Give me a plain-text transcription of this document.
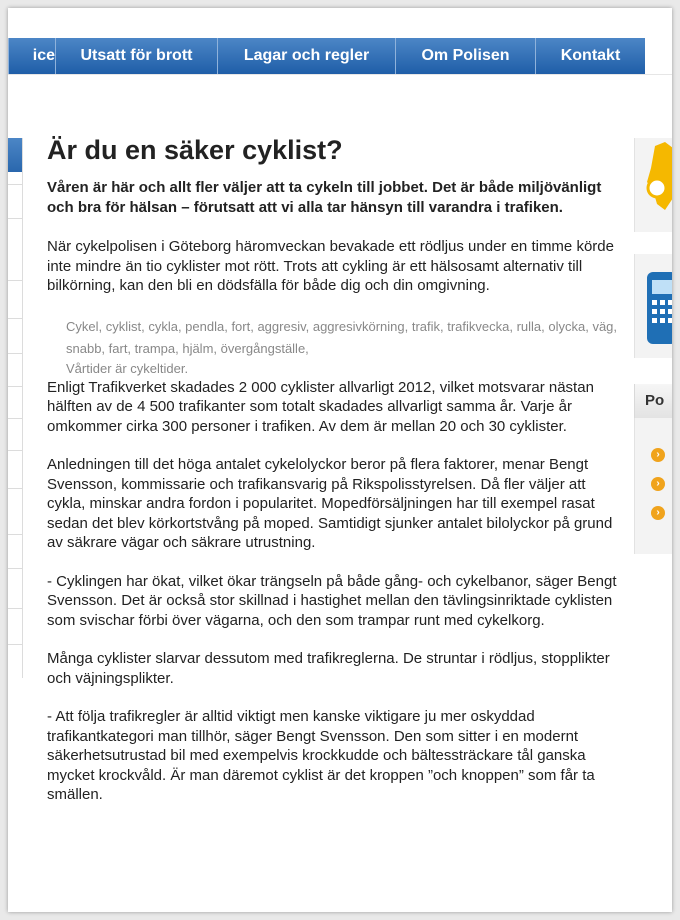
ice	Utsatt för brott	Lagar och regler	Om Polisen	Kontakt
Är du en säker cyklist?

Våren är här och allt fler väljer att ta cykeln till jobbet. Det är både miljövänligt och bra för hälsan – förutsatt att vi alla tar hänsyn till varandra i trafiken.

När cykelpolisen i Göteborg häromveckan bevakade ett rödljus under en timme körde inte mindre än tio cyklister mot rött. Trots att cykling är ett hälsosamt alternativ till bilkörning, kan den bli en dödsfälla för både dig och din omgivning.

Cykel, cyklist, cykla, pendla, fort, aggresiv, aggresivkörning, trafik, trafikvecka, rulla, olycka, väg, snabb, fart, trampa, hjälm, övergångställe,
Vårtider är cykeltider.

Enligt Trafikverket skadades 2 000 cyklister allvarligt 2012, vilket motsvarar nästan hälften av de 4 500 trafikanter som totalt skadades allvarligt samma år. Varje år omkommer cirka 300 personer i trafiken. Av dem är mellan 20 och 30 cyklister.

Anledningen till det höga antalet cykelolyckor beror på flera faktorer, menar Bengt Svensson, kommissarie och trafikansvarig på Rikspolisstyrelsen. Då fler väljer att cykla, minskar andra fordon i popularitet. Mopedförsäljningen har till exempel rasat sedan det blev körkortstvång på moped. Samtidigt sjunker antalet bilolyckor på grund av säkrare vägar och säkrare utrustning.

- Cyklingen har ökat, vilket ökar trängseln på både gång- och cykelbanor, säger Bengt Svensson. Det är också stor skillnad i hastighet mellan den tävlingsinriktade cyklisten som svischar förbi över vägarna, och den som trampar runt med cykelkorg.

Många cyklister slarvar dessutom med trafikreglerna. De struntar i rödljus, stopplikter och väjningsplikter.

- Att följa trafikregler är alltid viktigt men kanske viktigare ju mer oskyddad trafikantkategori man tillhör, säger Bengt Svensson. Den som sitter i en modernt säkerhetsutrustad bil med exempelvis krockkudde och bältessträckare tål ganska mycket krockvåld. Är man däremot cyklist är det kroppen ”och knoppen” som får ta smällen.

Po
›
›
›
